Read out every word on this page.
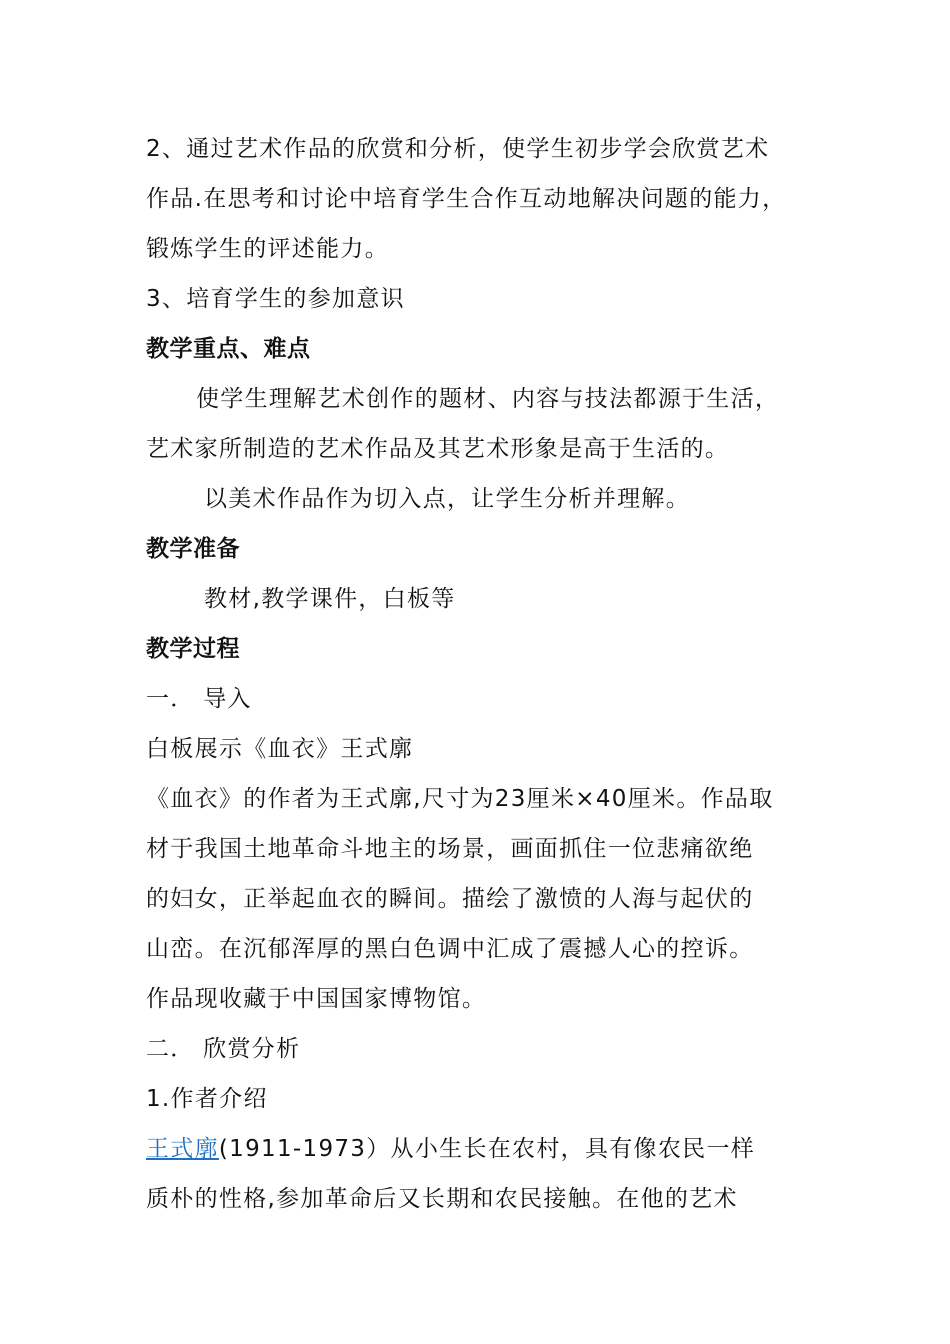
2、通过艺术作品的欣赏和分析，使学生初步学会欣赏艺术
作品.在思考和讨论中培育学生合作互动地解决问题的能力，
锻炼学生的评述能力。
3、培育学生的参加意识
教学重点、难点
使学生理解艺术创作的题材、内容与技法都源于生活，
艺术家所制造的艺术作品及其艺术形象是高于生活的。
以美术作品作为切入点，让学生分析并理解。
教学准备
教材,教学课件，白板等
教学过程
一． 导入
白板展示《血衣》王式廓
《血衣》的作者为王式廓,尺寸为23厘米×40厘米。作品取
材于我国土地革命斗地主的场景，画面抓住一位悲痛欲绝
的妇女，正举起血衣的瞬间。描绘了激愤的人海与起伏的
山峦。在沉郁浑厚的黑白色调中汇成了震撼人心的控诉。
作品现收藏于中国国家博物馆。
二． 欣赏分析
1.作者介绍
王式廓(1911-1973）从小生长在农村，具有像农民一样
质朴的性格,参加革命后又长期和农民接触。在他的艺术
